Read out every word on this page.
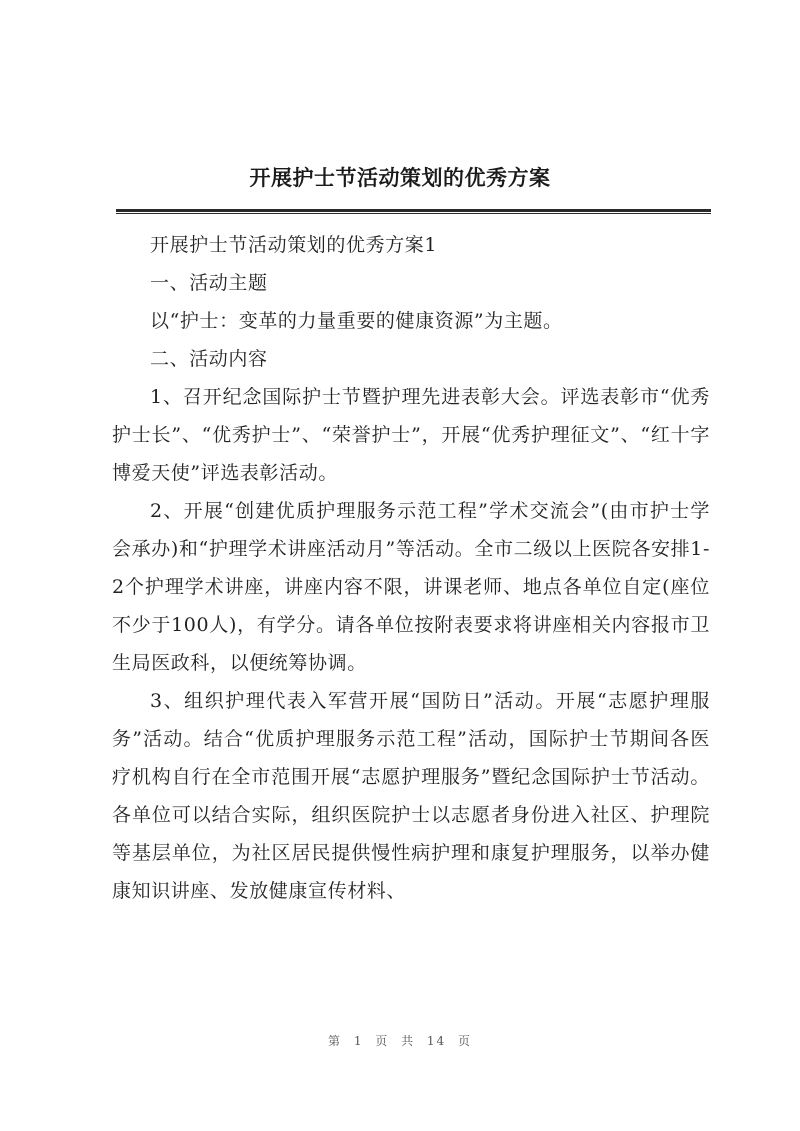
开展护士节活动策划的优秀方案

开展护士节活动策划的优秀方案1

一、活动主题

以“护士：变革的力量重要的健康资源”为主题。

二、活动内容

1、召开纪念国际护士节暨护理先进表彰大会。评选表彰市“优秀护士长”、“优秀护士”、“荣誉护士”，开展“优秀护理征文”、“红十字博爱天使”评选表彰活动。

2、开展“创建优质护理服务示范工程”学术交流会”(由市护士学会承办)和“护理学术讲座活动月”等活动。全市二级以上医院各安排1-2个护理学术讲座，讲座内容不限，讲课老师、地点各单位自定(座位不少于100人)，有学分。请各单位按附表要求将讲座相关内容报市卫生局医政科，以便统筹协调。

3、组织护理代表入军营开展“国防日”活动。开展“志愿护理服务”活动。结合“优质护理服务示范工程”活动，国际护士节期间各医疗机构自行在全市范围开展“志愿护理服务”暨纪念国际护士节活动。各单位可以结合实际，组织医院护士以志愿者身份进入社区、护理院等基层单位，为社区居民提供慢性病护理和康复护理服务，以举办健康知识讲座、发放健康宣传材料、

第 1 页 共 14 页
